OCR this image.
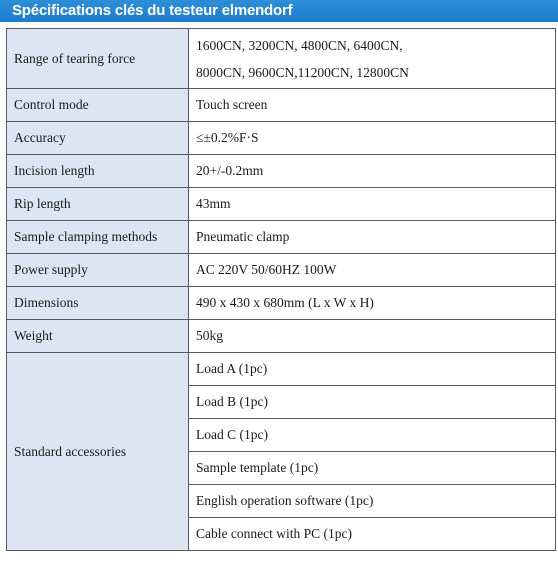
Spécifications clés du testeur elmendorf
Range of tearing force	1600CN, 3200CN, 4800CN, 6400CN,
8000CN, 9600CN,11200CN, 12800CN

Control mode	Touch screen
Accuracy	≤±0.2%F·S
Incision length	20+/-0.2mm
Rip length	43mm
Sample clamping methods	Pneumatic clamp
Power supply	AC 220V 50/60HZ 100W
Dimensions	490 x 430 x 680mm (L x W x H)
Weight	50kg
Standard accessories	Load A (1pc)
	Load B (1pc)
	Load C (1pc)
	Sample template (1pc)
	English operation software (1pc)
	Cable connect with PC (1pc)
